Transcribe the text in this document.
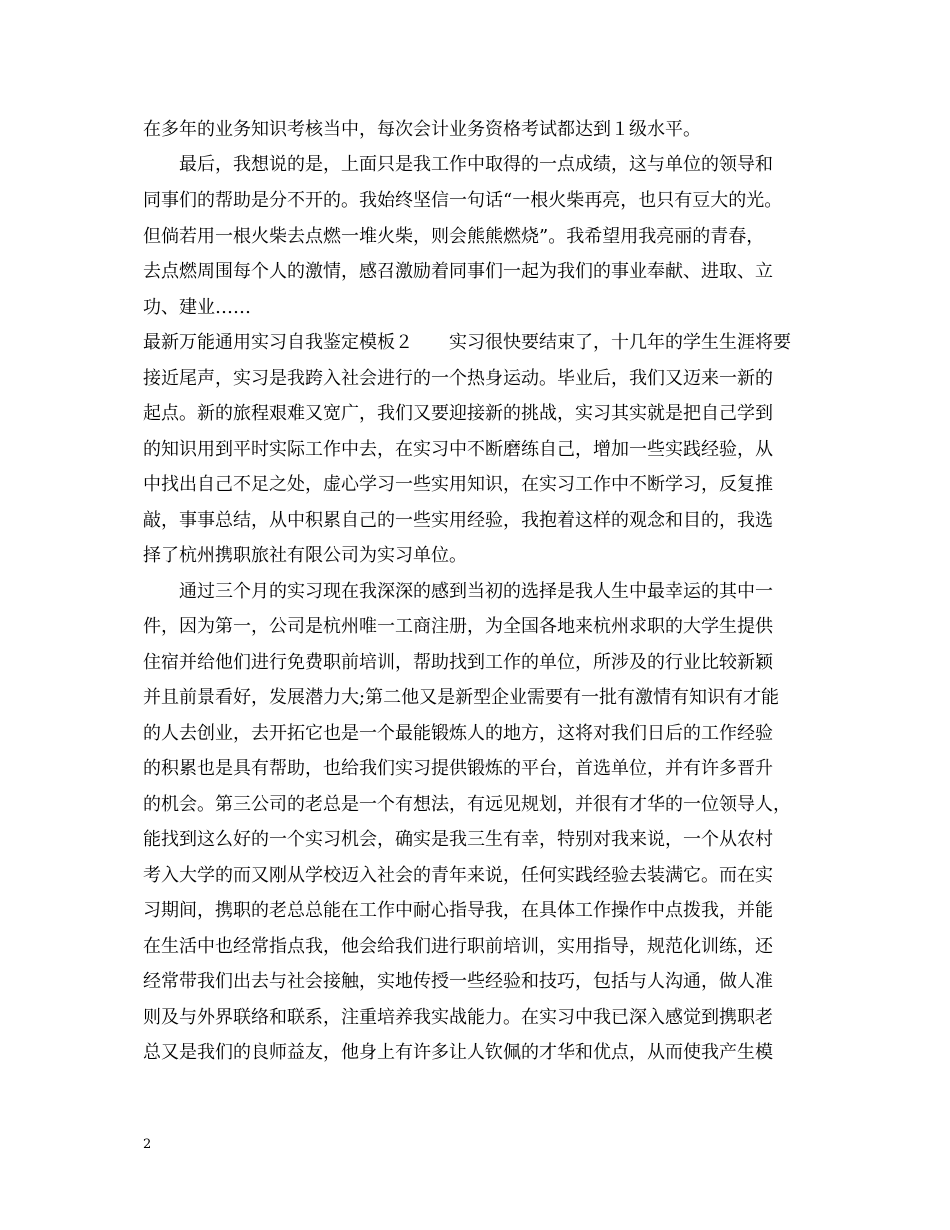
在多年的业务知识考核当中，每次会计业务资格考试都达到１级水平。
　　最后，我想说的是，上面只是我工作中取得的一点成绩，这与单位的领导和
同事们的帮助是分不开的。我始终坚信一句话“一根火柴再亮，也只有豆大的光。
但倘若用一根火柴去点燃一堆火柴，则会熊熊燃烧”。我希望用我亮丽的青春，
去点燃周围每个人的激情，感召激励着同事们一起为我们的事业奉献、进取、立
功、建业……
最新万能通用实习自我鉴定模板２　　实习很快要结束了，十几年的学生生涯将要
接近尾声，实习是我跨入社会进行的一个热身运动。毕业后，我们又迈来一新的
起点。新的旅程艰难又宽广，我们又要迎接新的挑战，实习其实就是把自己学到
的知识用到平时实际工作中去，在实习中不断磨练自己，增加一些实践经验，从
中找出自己不足之处，虚心学习一些实用知识，在实习工作中不断学习，反复推
敲，事事总结，从中积累自己的一些实用经验，我抱着这样的观念和目的，我选
择了杭州携职旅社有限公司为实习单位。
　　通过三个月的实习现在我深深的感到当初的选择是我人生中最幸运的其中一
件，因为第一，公司是杭州唯一工商注册，为全国各地来杭州求职的大学生提供
住宿并给他们进行免费职前培训，帮助找到工作的单位，所涉及的行业比较新颖
并且前景看好，发展潜力大;第二他又是新型企业需要有一批有激情有知识有才能
的人去创业，去开拓它也是一个最能锻炼人的地方，这将对我们日后的工作经验
的积累也是具有帮助，也给我们实习提供锻炼的平台，首选单位，并有许多晋升
的机会。第三公司的老总是一个有想法，有远见规划，并很有才华的一位领导人，
能找到这么好的一个实习机会，确实是我三生有幸，特别对我来说，一个从农村
考入大学的而又刚从学校迈入社会的青年来说，任何实践经验去装满它。而在实
习期间，携职的老总总能在工作中耐心指导我，在具体工作操作中点拨我，并能
在生活中也经常指点我，他会给我们进行职前培训，实用指导，规范化训练，还
经常带我们出去与社会接触，实地传授一些经验和技巧，包括与人沟通，做人准
则及与外界联络和联系，注重培养我实战能力。在实习中我已深入感觉到携职老
总又是我们的良师益友，他身上有许多让人钦佩的才华和优点，从而使我产生模
2
